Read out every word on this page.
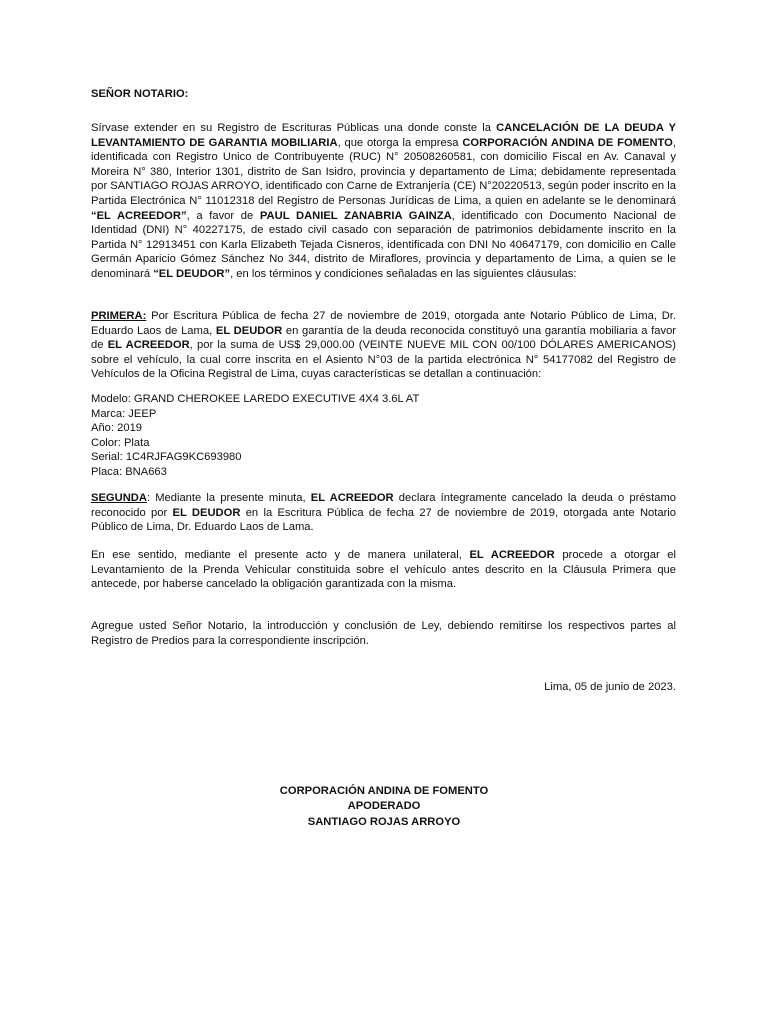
SEÑOR NOTARIO:
Sírvase extender en su Registro de Escrituras Públicas una donde conste la CANCELACIÓN DE LA DEUDA Y LEVANTAMIENTO DE GARANTIA MOBILIARIA, que otorga la empresa CORPORACIÓN ANDINA DE FOMENTO, identificada con Registro Unico de Contribuyente (RUC) N° 20508260581, con domicilio Fiscal en Av. Canaval y Moreira N° 380, Interior 1301, distrito de San Isidro, provincia y departamento de Lima; debidamente representada por SANTIAGO ROJAS ARROYO, identificado con Carne de Extranjería (CE) N°20220513, según poder inscrito en la Partida Electrónica N° 11012318 del Registro de Personas Jurídicas de Lima, a quien en adelante se le denominará “EL ACREEDOR”, a favor de PAUL DANIEL ZANABRIA GAINZA, identificado con Documento Nacional de Identidad (DNI) N° 40227175, de estado civil casado con separación de patrimonios debidamente inscrito en la Partida N° 12913451 con Karla Elizabeth Tejada Cisneros, identificada con DNI No 40647179, con domicilio en Calle Germán Aparicio Gómez Sánchez No 344, distrito de Miraflores, provincia y departamento de Lima, a quien se le denominará “EL DEUDOR”, en los términos y condiciones señaladas en las siguientes cláusulas:
PRIMERA: Por Escritura Pública de fecha 27 de noviembre de 2019, otorgada ante Notario Público de Lima, Dr. Eduardo Laos de Lama, EL DEUDOR en garantía de la deuda reconocida constituyó una garantía mobiliaria a favor de EL ACREEDOR, por la suma de US$ 29,000.00 (VEINTE NUEVE MIL CON 00/100 DÓLARES AMERICANOS) sobre el vehículo, la cual corre inscrita en el Asiento N°03 de la partida electrónica N° 54177082 del Registro de Vehículos de la Oficina Registral de Lima, cuyas características se detallan a continuación:
Modelo: GRAND CHEROKEE LAREDO EXECUTIVE 4X4 3.6L AT
Marca: JEEP
Año: 2019
Color: Plata
Serial: 1C4RJFAG9KC693980
Placa: BNA663
SEGUNDA: Mediante la presente minuta, EL ACREEDOR declara íntegramente cancelado la deuda o préstamo reconocido por EL DEUDOR en la Escritura Pública de fecha 27 de noviembre de 2019, otorgada ante Notario Público de Lima, Dr. Eduardo Laos de Lama.
En ese sentido, mediante el presente acto y de manera unilateral, EL ACREEDOR procede a otorgar el Levantamiento de la Prenda Vehicular constituida sobre el vehículo antes descrito en la Cláusula Primera que antecede, por haberse cancelado la obligación garantizada con la misma.
Agregue usted Señor Notario, la introducción y conclusión de Ley, debiendo remitirse los respectivos partes al Registro de Predios para la correspondiente inscripción.
Lima, 05 de junio de 2023.
CORPORACIÓN ANDINA DE FOMENTO
APODERADO
SANTIAGO ROJAS ARROYO
